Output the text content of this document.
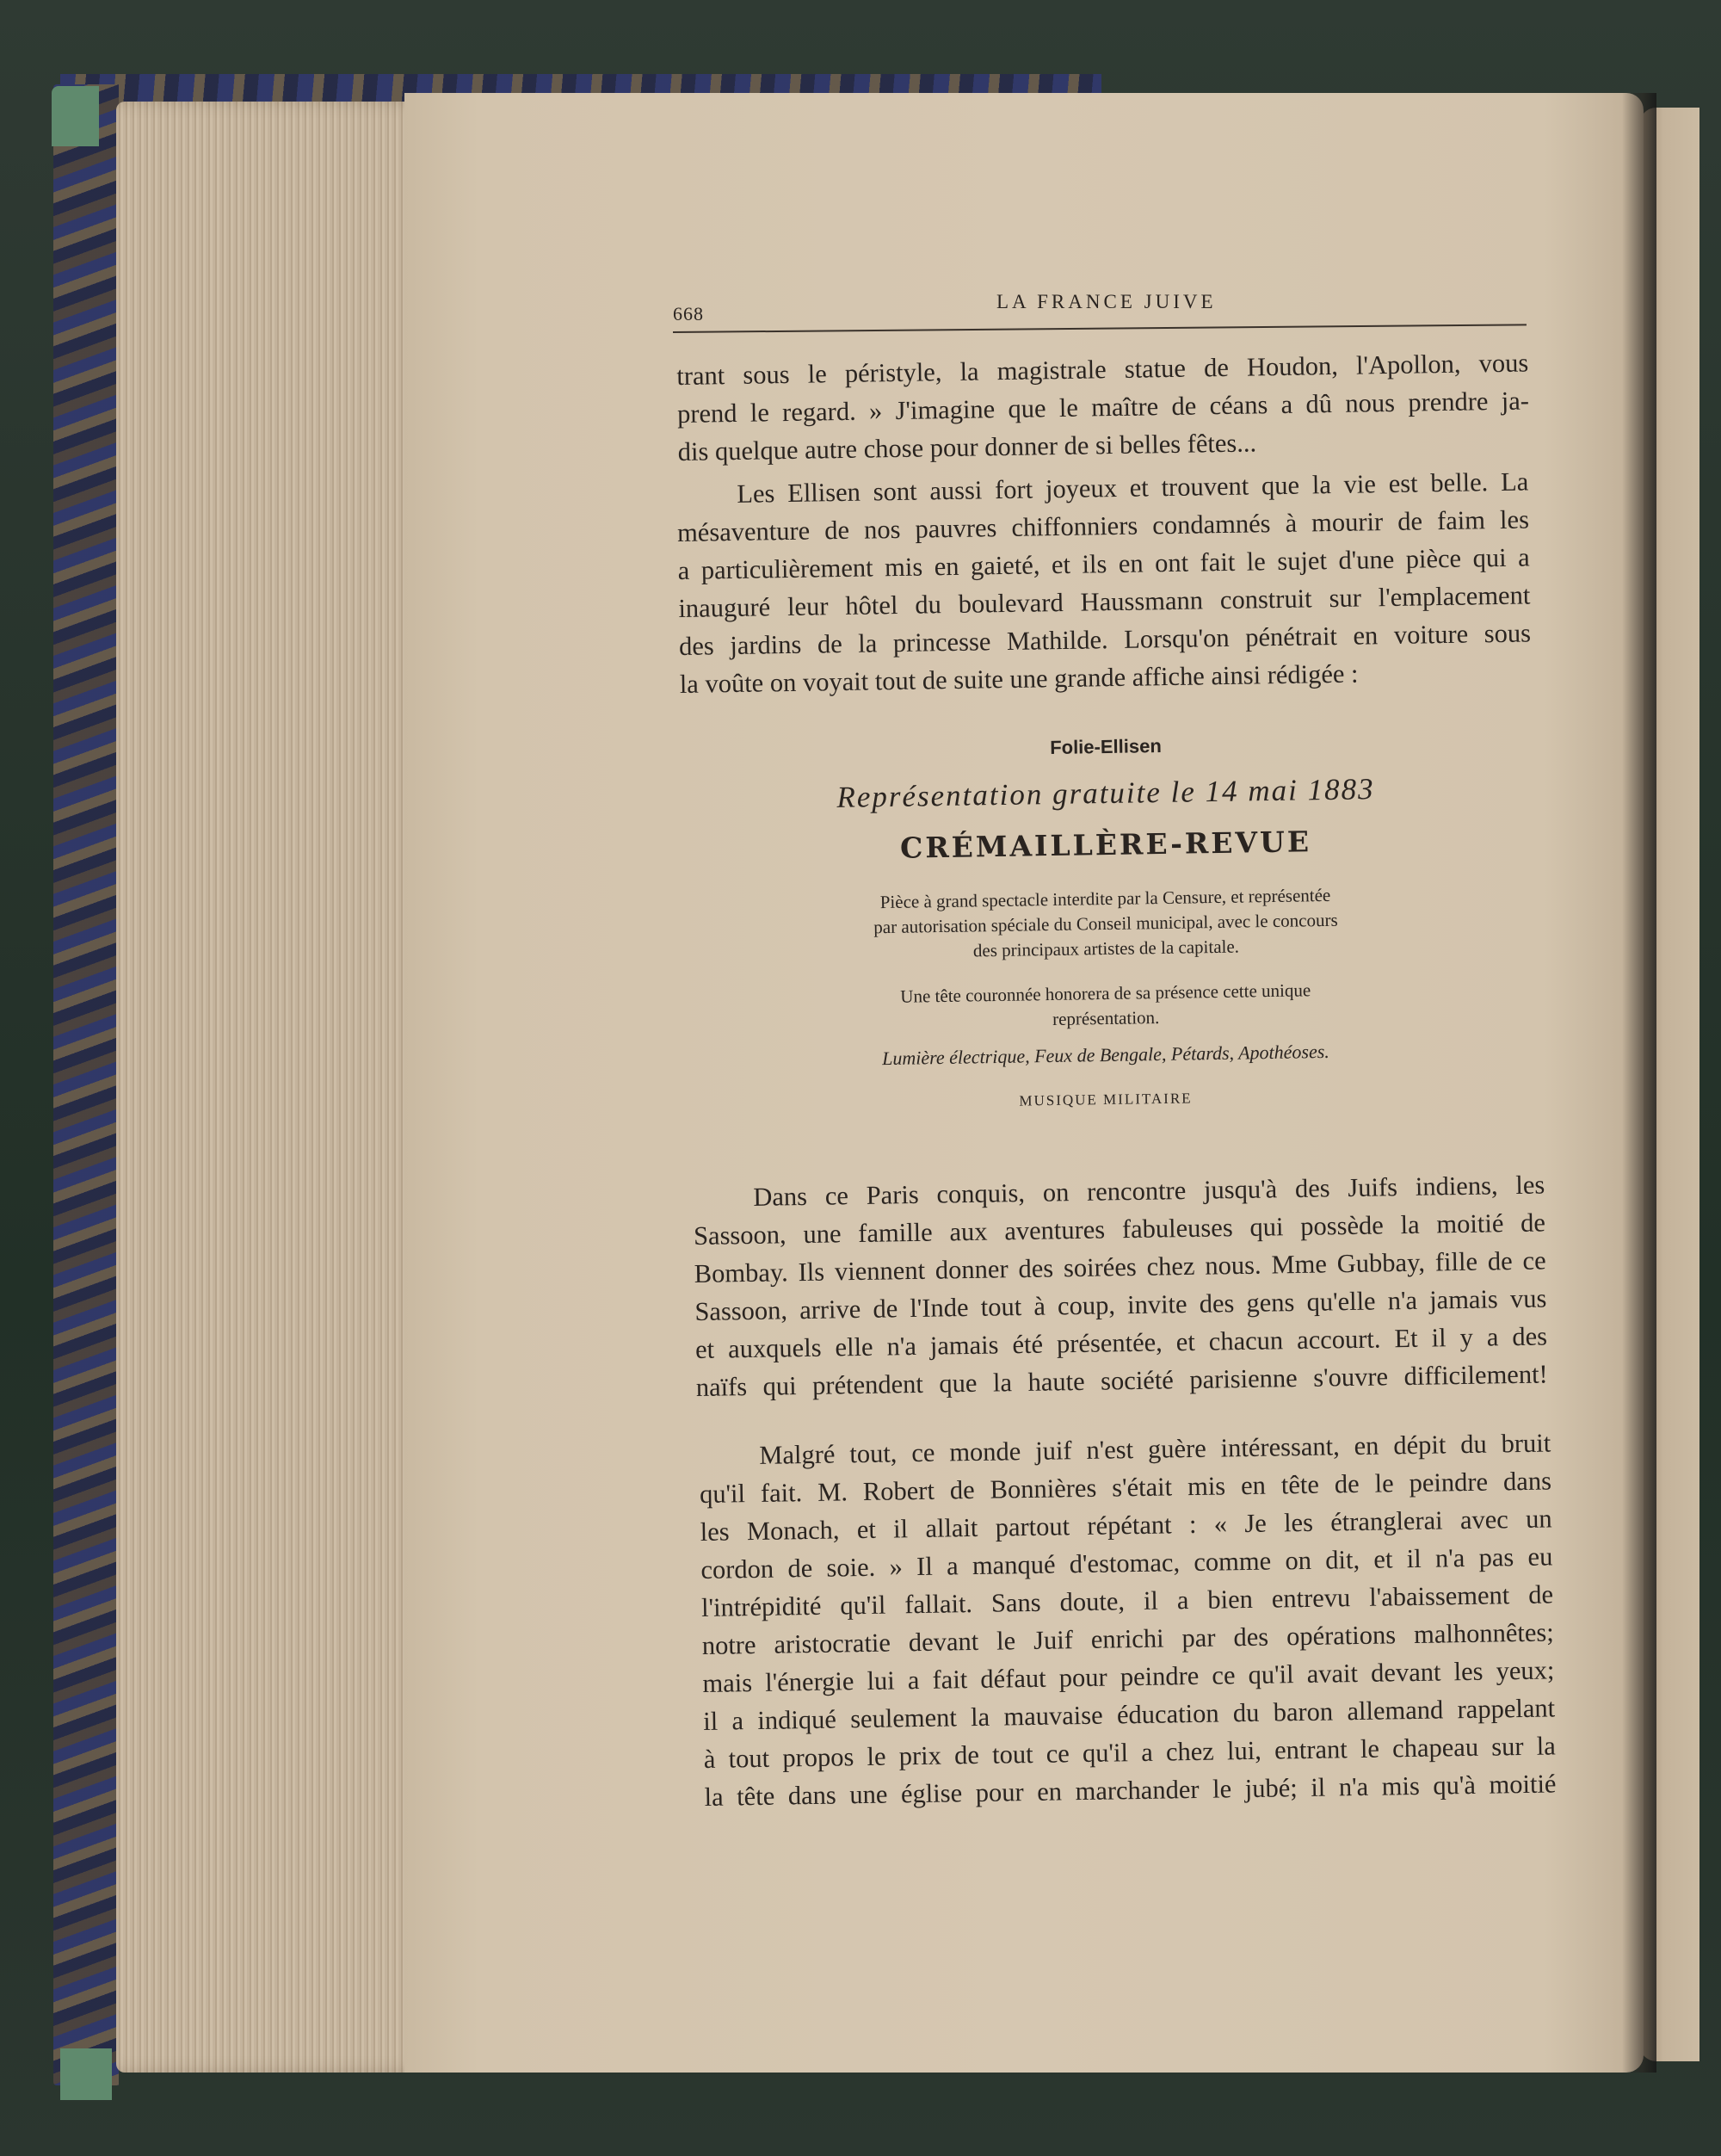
668
LA FRANCE JUIVE
trant sous le péristyle, la magistrale statue de Houdon, l'Apollon, vous
prend le regard. » J'imagine que le maître de céans a dû nous prendre ja-
dis quelque autre chose pour donner de si belles fêtes...
Les Ellisen sont aussi fort joyeux et trouvent que la vie est belle. La
mésaventure de nos pauvres chiffonniers condamnés à mourir de faim les
a particulièrement mis en gaieté, et ils en ont fait le sujet d'une pièce qui a
inauguré leur hôtel du boulevard Haussmann construit sur l'emplacement
des jardins de la princesse Mathilde. Lorsqu'on pénétrait en voiture sous
la voûte on voyait tout de suite une grande affiche ainsi rédigée :
Folie-Ellisen
Représentation gratuite le 14 mai 1883
CRÉMAILLÈRE-REVUE
Pièce à grand spectacle interdite par la Censure, et représentée
par autorisation spéciale du Conseil municipal, avec le concours
des principaux artistes de la capitale.
Une tête couronnée honorera de sa présence cette unique
représentation.
Lumière électrique, Feux de Bengale, Pétards, Apothéoses.
MUSIQUE MILITAIRE
Dans ce Paris conquis, on rencontre jusqu'à des Juifs indiens, les
Sassoon, une famille aux aventures fabuleuses qui possède la moitié de
Bombay. Ils viennent donner des soirées chez nous. Mme Gubbay, fille de ce
Sassoon, arrive de l'Inde tout à coup, invite des gens qu'elle n'a jamais vus
et auxquels elle n'a jamais été présentée, et chacun accourt. Et il y a des
naïfs qui prétendent que la haute société parisienne s'ouvre difficilement!
Malgré tout, ce monde juif n'est guère intéressant, en dépit du bruit
qu'il fait. M. Robert de Bonnières s'était mis en tête de le peindre dans
les Monach, et il allait partout répétant : « Je les étranglerai avec un
cordon de soie. » Il a manqué d'estomac, comme on dit, et il n'a pas eu
l'intrépidité qu'il fallait. Sans doute, il a bien entrevu l'abaissement de
notre aristocratie devant le Juif enrichi par des opérations malhonnêtes;
mais l'énergie lui a fait défaut pour peindre ce qu'il avait devant les yeux;
il a indiqué seulement la mauvaise éducation du baron allemand rappelant
à tout propos le prix de tout ce qu'il a chez lui, entrant le chapeau sur la
la tête dans une église pour en marchander le jubé; il n'a mis qu'à moitié
